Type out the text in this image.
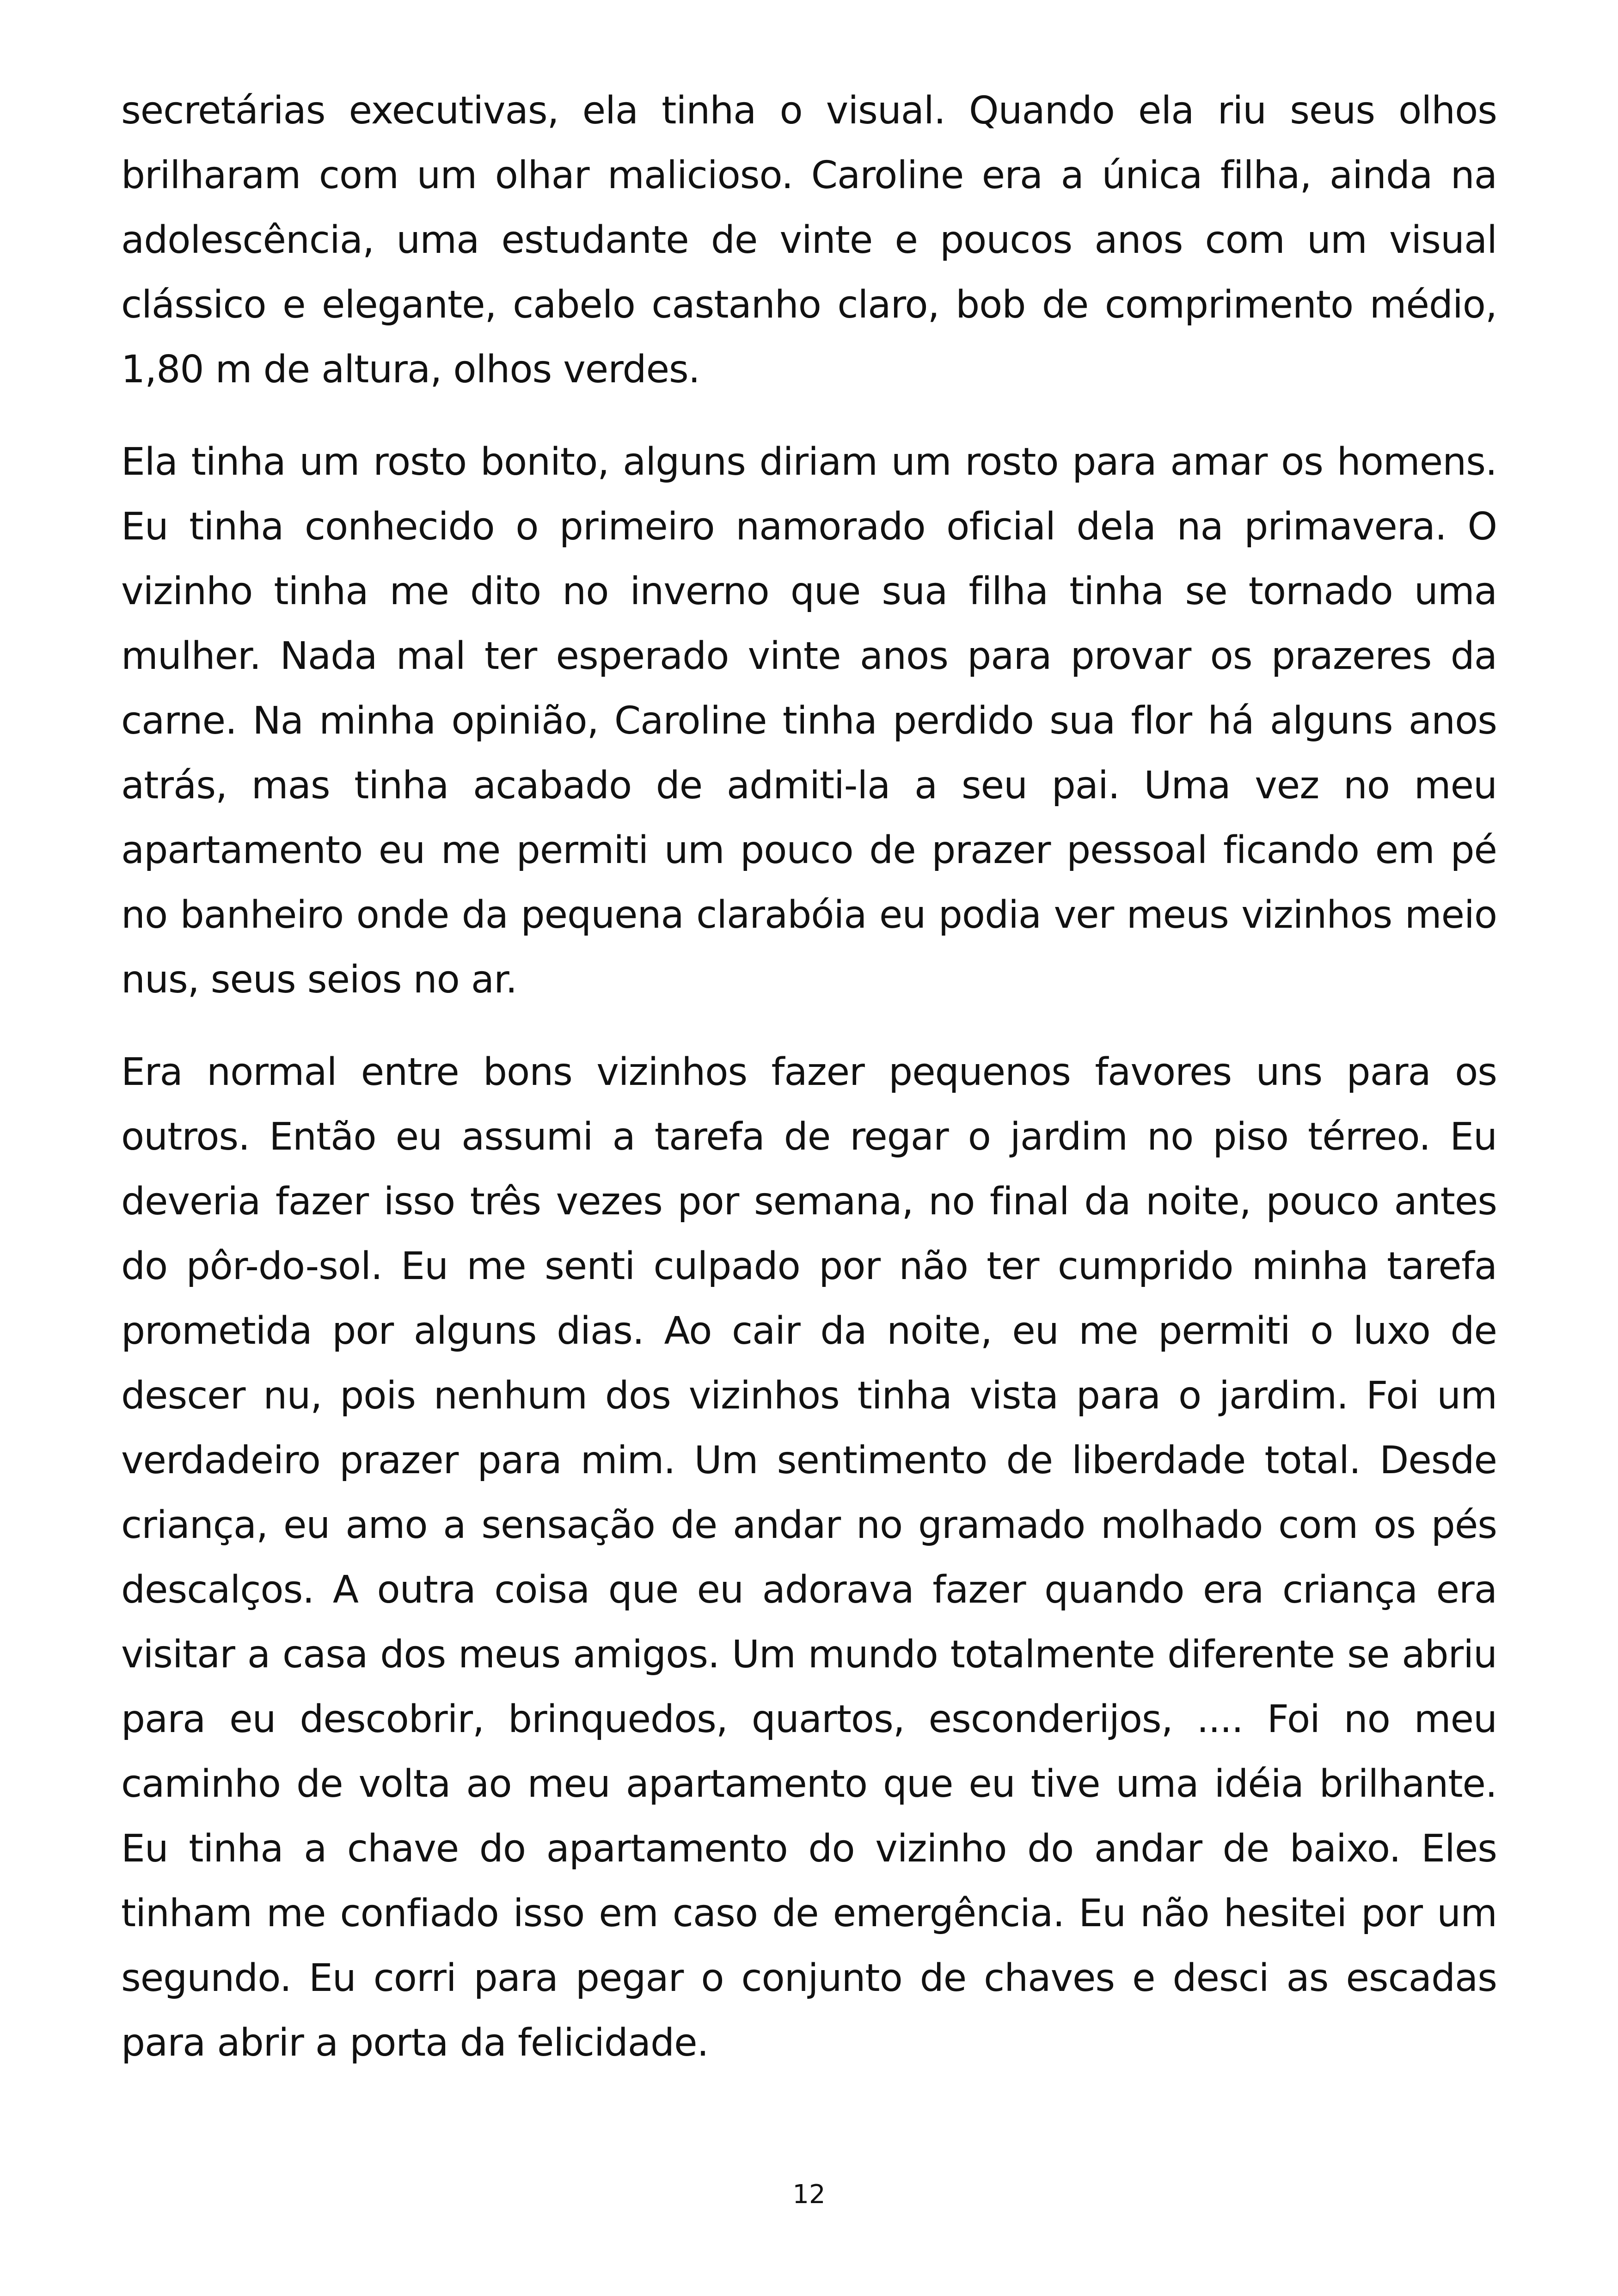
secretárias executivas, ela tinha o visual. Quando ela riu seus olhos brilharam com um olhar malicioso. Caroline era a única filha, ainda na adolescência, uma estudante de vinte e poucos anos com um visual clássico e elegante, cabelo castanho claro, bob de comprimento médio, 1,80 m de altura, olhos verdes.

Ela tinha um rosto bonito, alguns diriam um rosto para amar os homens. Eu tinha conhecido o primeiro namorado oficial dela na primavera. O vizinho tinha me dito no inverno que sua filha tinha se tornado uma mulher. Nada mal ter esperado vinte anos para provar os prazeres da carne. Na minha opinião, Caroline tinha perdido sua flor há alguns anos atrás, mas tinha acabado de admiti-la a seu pai. Uma vez no meu apartamento eu me permiti um pouco de prazer pessoal ficando em pé no banheiro onde da pequena clarabóia eu podia ver meus vizinhos meio nus, seus seios no ar.

Era normal entre bons vizinhos fazer pequenos favores uns para os outros. Então eu assumi a tarefa de regar o jardim no piso térreo. Eu deveria fazer isso três vezes por semana, no final da noite, pouco antes do pôr-do-sol. Eu me senti culpado por não ter cumprido minha tarefa prometida por alguns dias. Ao cair da noite, eu me permiti o luxo de descer nu, pois nenhum dos vizinhos tinha vista para o jardim. Foi um verdadeiro prazer para mim. Um sentimento de liberdade total. Desde criança, eu amo a sensação de andar no gramado molhado com os pés descalços. A outra coisa que eu adorava fazer quando era criança era visitar a casa dos meus amigos. Um mundo totalmente diferente se abriu para eu descobrir, brinquedos, quartos, esconderijos, .... Foi no meu caminho de volta ao meu apartamento que eu tive uma idéia brilhante. Eu tinha a chave do apartamento do vizinho do andar de baixo. Eles tinham me confiado isso em caso de emergência. Eu não hesitei por um segundo. Eu corri para pegar o conjunto de chaves e desci as escadas para abrir a porta da felicidade.

12
